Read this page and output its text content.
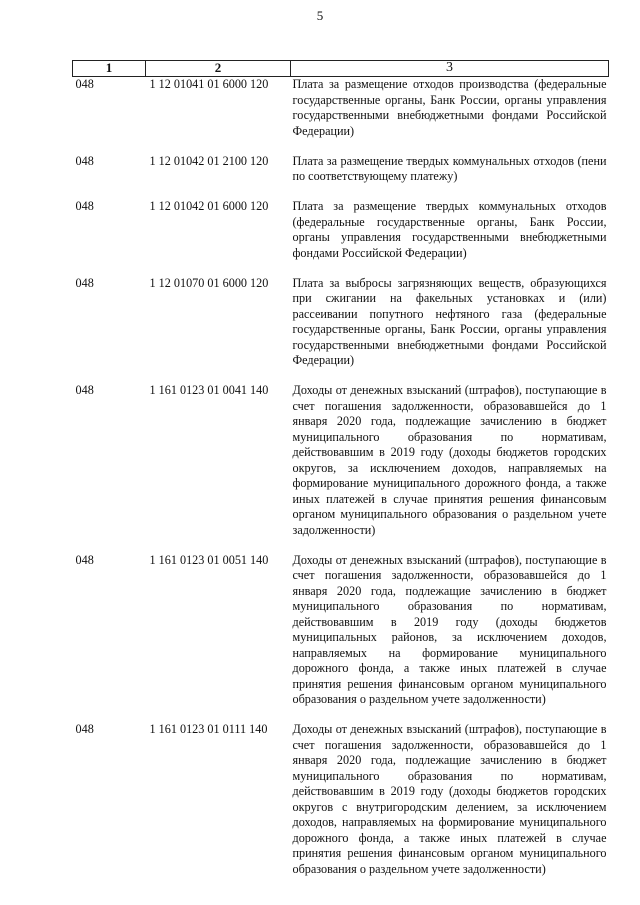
5
1	2	3
048	1 12 01041 01 6000 120	Плата за размещение отходов производства (федеральные государственные органы, Банк России, органы управления государственными внебюджетными фондами Российской Федерации)

048	1 12 01042 01 2100 120	Плата за размещение твердых коммунальных отходов (пени по соответствующему платежу)

048	1 12 01042 01 6000 120	Плата за размещение твердых коммунальных отходов (федеральные государственные органы, Банк России, органы управления государственными внебюджетными фондами Российской Федерации)

048	1 12 01070 01 6000 120	Плата за выбросы загрязняющих веществ, образующихся при сжигании на факельных установках и (или) рассеивании попутного нефтяного газа (федеральные государственные органы, Банк России, органы управления государственными внебюджетными фондами Российской Федерации)

048	1 161 0123 01 0041 140	Доходы от денежных взысканий (штрафов), поступающие в счет погашения задолженности, образовавшейся до 1 января 2020 года, подлежащие зачислению в бюджет муниципального образования по нормативам, действовавшим в 2019 году (доходы бюджетов городских округов, за исключением доходов, направляемых на формирование муниципального дорожного фонда, а также иных платежей в случае принятия решения финансовым органом муниципального образования о раздельном учете задолженности)

048	1 161 0123 01 0051 140	Доходы от денежных взысканий (штрафов), поступающие в счет погашения задолженности, образовавшейся до 1 января 2020 года, подлежащие зачислению в бюджет муниципального образования по нормативам, действовавшим в 2019 году (доходы бюджетов муниципальных районов, за исключением доходов, направляемых на формирование муниципального дорожного фонда, а также иных платежей в случае принятия решения финансовым органом муниципального образования о раздельном учете задолженности)

048	1 161 0123 01 0111 140	Доходы от денежных взысканий (штрафов), поступающие в счет погашения задолженности, образовавшейся до 1 января 2020 года, подлежащие зачислению в бюджет муниципального образования по нормативам, действовавшим в 2019 году (доходы бюджетов городских округов с внутригородским делением, за исключением доходов, направляемых на формирование муниципального дорожного фонда, а также иных платежей в случае принятия решения финансовым органом муниципального образования о раздельном учете задолженности)
